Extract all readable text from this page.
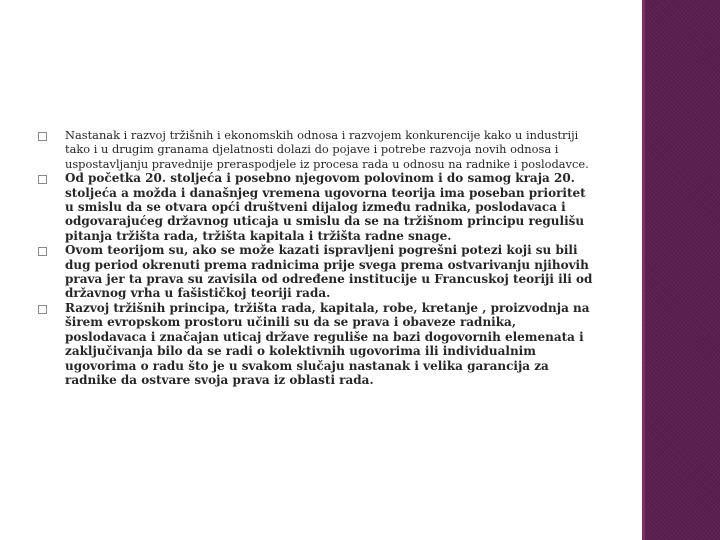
Nastanak i razvoj tržišnih i ekonomskih odnosa i razvojem konkurencije kako u industriji tako i u drugim granama djelatnosti dolazi do pojave i potrebe razvoja novih odnosa i uspostavljanju pravednije preraspodjele iz procesa rada u odnosu na radnike i poslodavce.
Od početka 20. stoljeća i posebno njegovom polovinom i do samog kraja 20. stoljeća a možda i današnjeg vremena ugovorna teorija ima poseban prioritet u smislu da se otvara opći društveni dijalog između radnika, poslodavaca i odgovarajućeg državnog uticaja u smislu da se na tržišnom principu regulišu pitanja tržišta rada, tržišta kapitala i tržišta radne snage.
Ovom teorijom su, ako se može kazati ispravljeni pogrešni potezi koji su bili dug period okrenuti prema radnicima prije svega prema ostvarivanju njihovih prava jer ta prava su zavisila od određene institucije u Francuskoj teoriji ili od državnog vrha u fašističkoj teoriji rada.
Razvoj tržišnih principa, tržišta rada, kapitala, robe, kretanje , proizvodnja na širem evropskom prostoru učinili su da se prava i obaveze radnika, poslodavaca i značajan uticaj države reguliše na bazi dogovornih elemenata i zaključivanja bilo da se radi o kolektivnih ugovorima ili individualnim ugovorima o radu što je u svakom slučaju nastanak i velika garancija za radnike da ostvare svoja prava iz oblasti rada.
